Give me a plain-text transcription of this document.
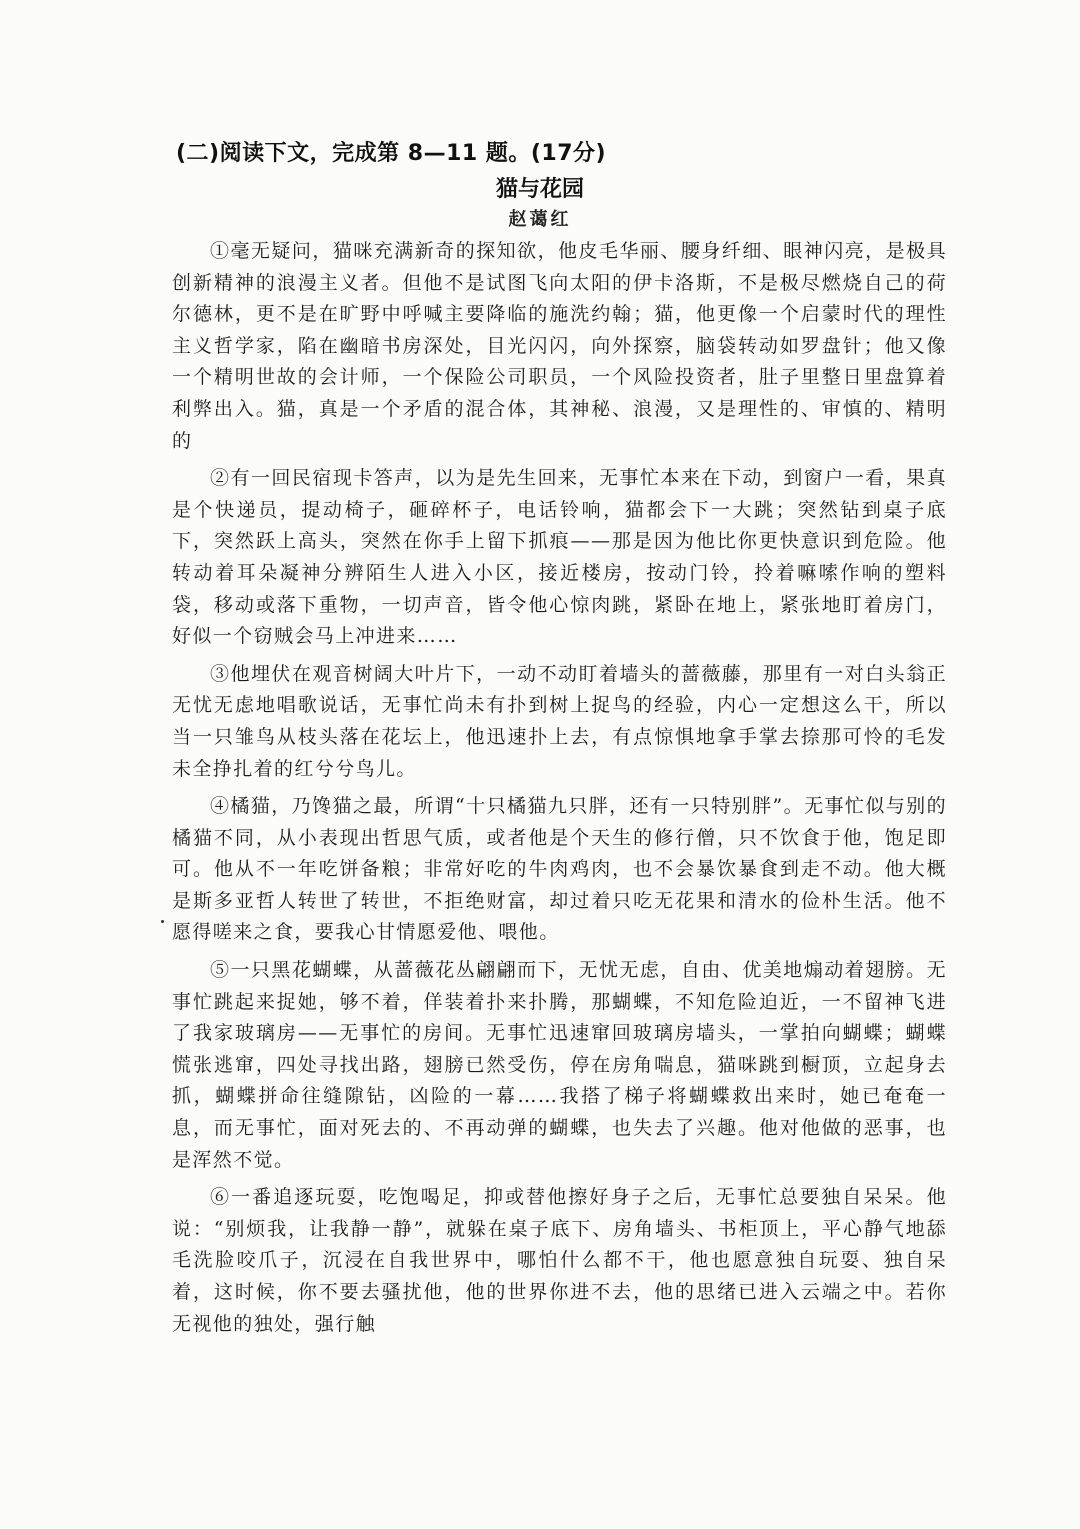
(二)阅读下文，完成第 8—11 题。(17分)
猫与花园
赵蔼红

①毫无疑问，猫咪充满新奇的探知欲，他皮毛华丽、腰身纤细、眼神闪亮，是极具创新精神的浪漫主义者。但他不是试图飞向太阳的伊卡洛斯，不是极尽燃烧自己的荷尔德林，更不是在旷野中呼喊主要降临的施洗约翰；猫，他更像一个启蒙时代的理性主义哲学家，陷在幽暗书房深处，目光闪闪，向外探察，脑袋转动如罗盘针；他又像一个精明世故的会计师，一个保险公司职员，一个风险投资者，肚子里整日里盘算着利弊出入。猫，真是一个矛盾的混合体，其神秘、浪漫，又是理性的、审慎的、精明的

②有一回民宿现卡答声，以为是先生回来，无事忙本来在下动，到窗户一看，果真是个快递员，提动椅子，砸碎杯子，电话铃响，猫都会下一大跳；突然钻到桌子底下，突然跃上高头，突然在你手上留下抓痕——那是因为他比你更快意识到危险。他转动着耳朵凝神分辨陌生人进入小区，接近楼房，按动门铃，拎着嘛嗦作响的塑料袋，移动或落下重物，一切声音，皆令他心惊肉跳，紧卧在地上，紧张地盯着房门，好似一个窃贼会马上冲进来……

③他埋伏在观音树阔大叶片下，一动不动盯着墙头的蔷薇藤，那里有一对白头翁正无忧无虑地唱歌说话，无事忙尚未有扑到树上捉鸟的经验，内心一定想这么干，所以当一只雏鸟从枝头落在花坛上，他迅速扑上去，有点惊惧地拿手掌去捺那可怜的毛发未全挣扎着的红兮兮鸟儿。

④橘猫，乃馋猫之最，所谓“十只橘猫九只胖，还有一只特别胖”。无事忙似与别的橘猫不同，从小表现出哲思气质，或者他是个天生的修行僧，只不饮食于他，饱足即可。他从不一年吃饼备粮；非常好吃的牛肉鸡肉，也不会暴饮暴食到走不动。他大概是斯多亚哲人转世了转世，不拒绝财富，却过着只吃无花果和清水的俭朴生活。他不愿得嗟来之食，要我心甘情愿爱他、喂他。

⑤一只黑花蝴蝶，从蔷薇花丛翩翩而下，无忧无虑，自由、优美地煽动着翅膀。无事忙跳起来捉她，够不着，佯装着扑来扑腾，那蝴蝶，不知危险迫近，一不留神飞进了我家玻璃房——无事忙的房间。无事忙迅速窜回玻璃房墙头，一掌拍向蝴蝶；蝴蝶慌张逃窜，四处寻找出路，翅膀已然受伤，停在房角喘息，猫咪跳到橱顶，立起身去抓，蝴蝶拼命往缝隙钻，凶险的一幕……我搭了梯子将蝴蝶救出来时，她已奄奄一息，而无事忙，面对死去的、不再动弹的蝴蝶，也失去了兴趣。他对他做的恶事，也是浑然不觉。

⑥一番追逐玩耍，吃饱喝足，抑或替他擦好身子之后，无事忙总要独自呆呆。他说：“别烦我，让我静一静”，就躲在桌子底下、房角墙头、书柜顶上，平心静气地舔毛洗脸咬爪子，沉浸在自我世界中，哪怕什么都不干，他也愿意独自玩耍、独自呆着，这时候，你不要去骚扰他，他的世界你进不去，他的思绪已进入云端之中。若你无视他的独处，强行触
